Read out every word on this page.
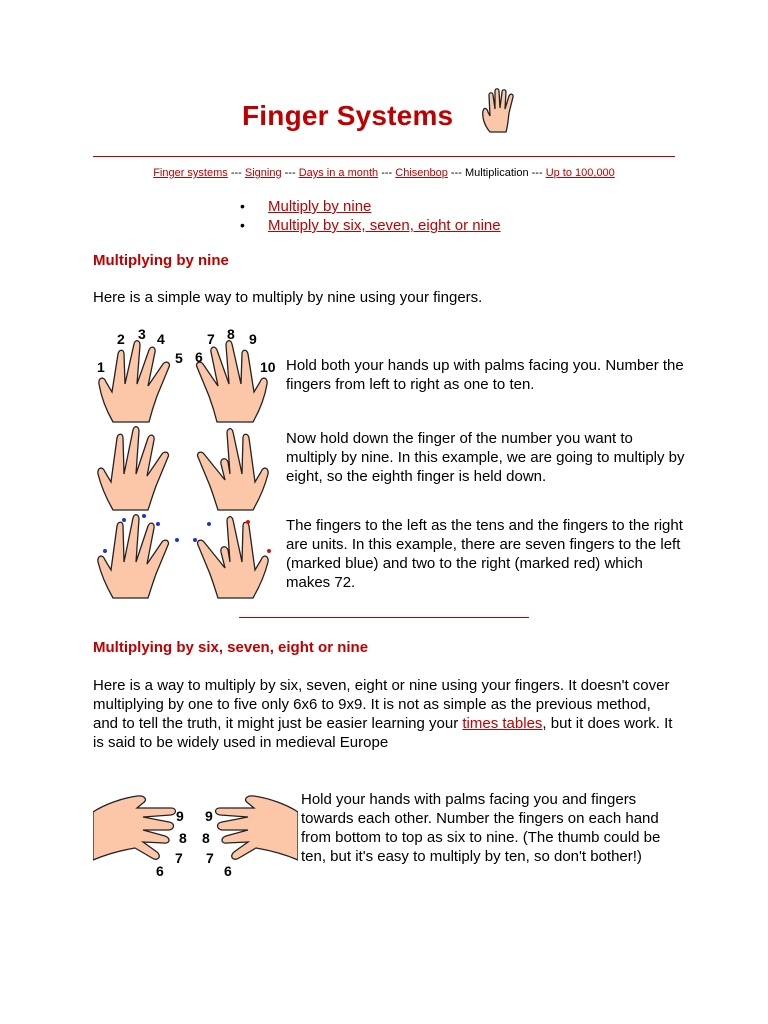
Finger Systems
Finger systems --- Signing --- Days in a month --- Chisenbop --- Multiplication --- Up to 100,000
• Multiply by nine
• Multiply by six, seven, eight or nine
Multiplying by nine

Here is a simple way to multiply by nine using your fingers.

1
2 3 4
5 6
7 8 9
10 Hold both your hands up with palms facing you. Number the fingers from left to right as one to ten.

Now hold down the finger of the number you want to multiply by nine. In this example, we are going to multiply by eight, so the eighth finger is held down.

The fingers to the left as the tens and the fingers to the right are units. In this example, there are seven fingers to the left (marked blue) and two to the right (marked red) which makes 72.

Multiplying by six, seven, eight or nine

Here is a way to multiply by six, seven, eight or nine using your fingers. It doesn't cover multiplying by one to five only 6x6 to 9x9. It is not as simple as the previous method, and to tell the truth, it might just be easier learning your times tables, but it does work. It is said to be widely used in medieval Europe

9
8
7
6
9
8
7
6

Hold your hands with palms facing you and fingers towards each other. Number the fingers on each hand from bottom to top as six to nine. (The thumb could be ten, but it's easy to multiply by ten, so don't bother!)
